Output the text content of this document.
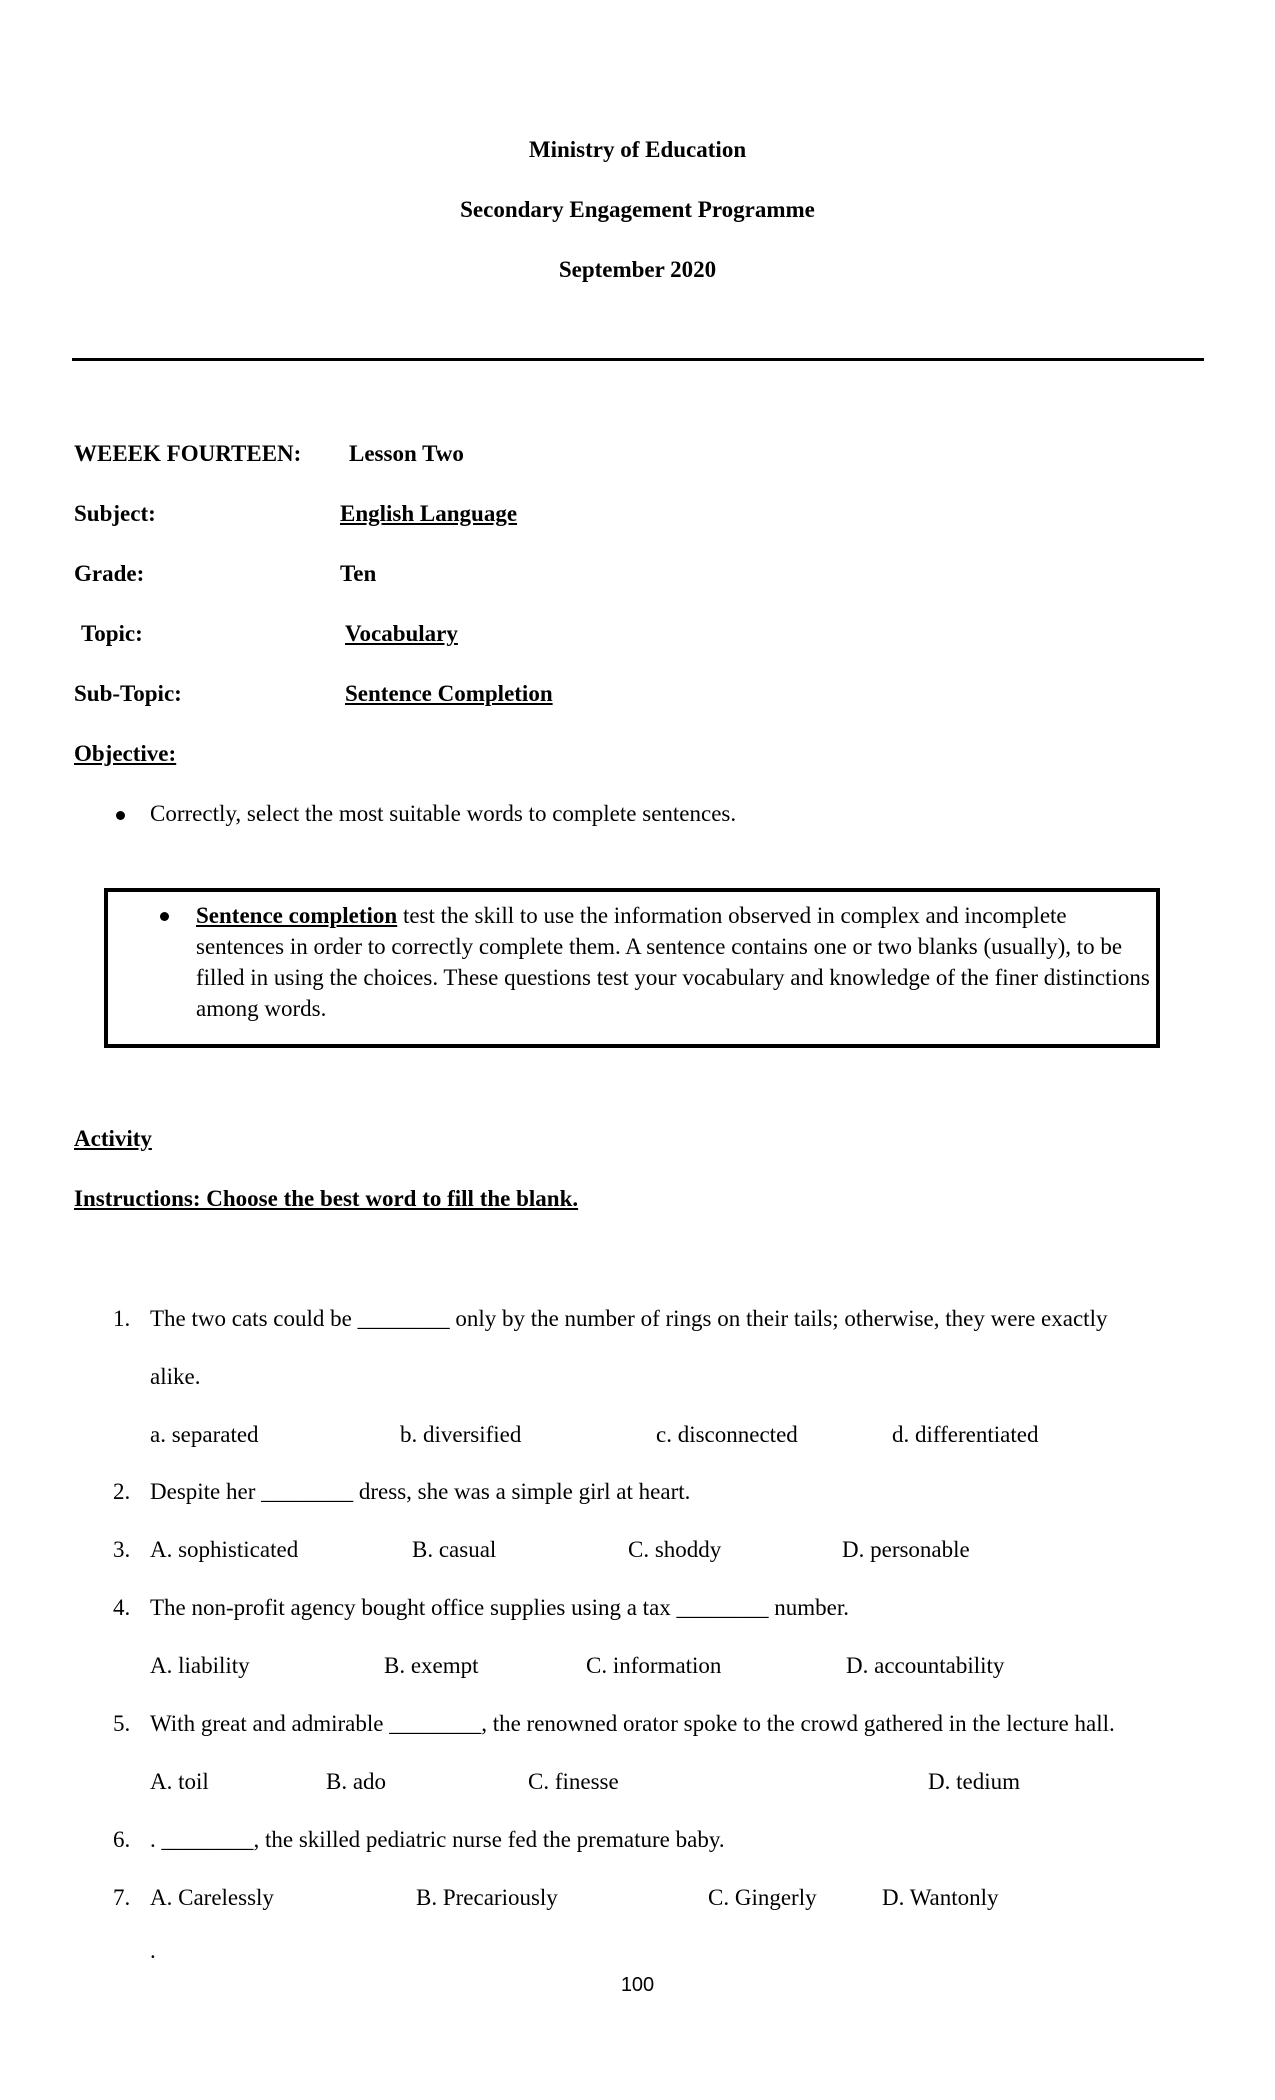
Ministry of Education
Secondary Engagement Programme
September 2020
WEEEK FOURTEEN: Lesson Two
Subject:	English Language
Grade:	Ten
Topic:	Vocabulary
Sub-Topic:	Sentence Completion
Objective:
Correctly, select the most suitable words to complete sentences.
Sentence completion test the skill to use the information observed in complex and incomplete sentences in order to correctly complete them. A sentence contains one or two blanks (usually), to be filled in using the choices. These questions test your vocabulary and knowledge of the finer distinctions among words.
Activity
Instructions: Choose the best word to fill the blank.
1. The two cats could be ________ only by the number of rings on their tails; otherwise, they were exactly
alike.
a. separated	b. diversified	c. disconnected	d. differentiated
2. Despite her ________ dress, she was a simple girl at heart.
3. A. sophisticated	B. casual	C. shoddy	D. personable
4. The non-profit agency bought office supplies using a tax ________ number.
A. liability	B. exempt	C. information	D. accountability
5. With great and admirable ________, the renowned orator spoke to the crowd gathered in the lecture hall.
A. toil	B. ado	C. finesse	D. tedium
6. . ________, the skilled pediatric nurse fed the premature baby.
7. A. Carelessly	B. Precariously	C. Gingerly	D. Wantonly
.
100
